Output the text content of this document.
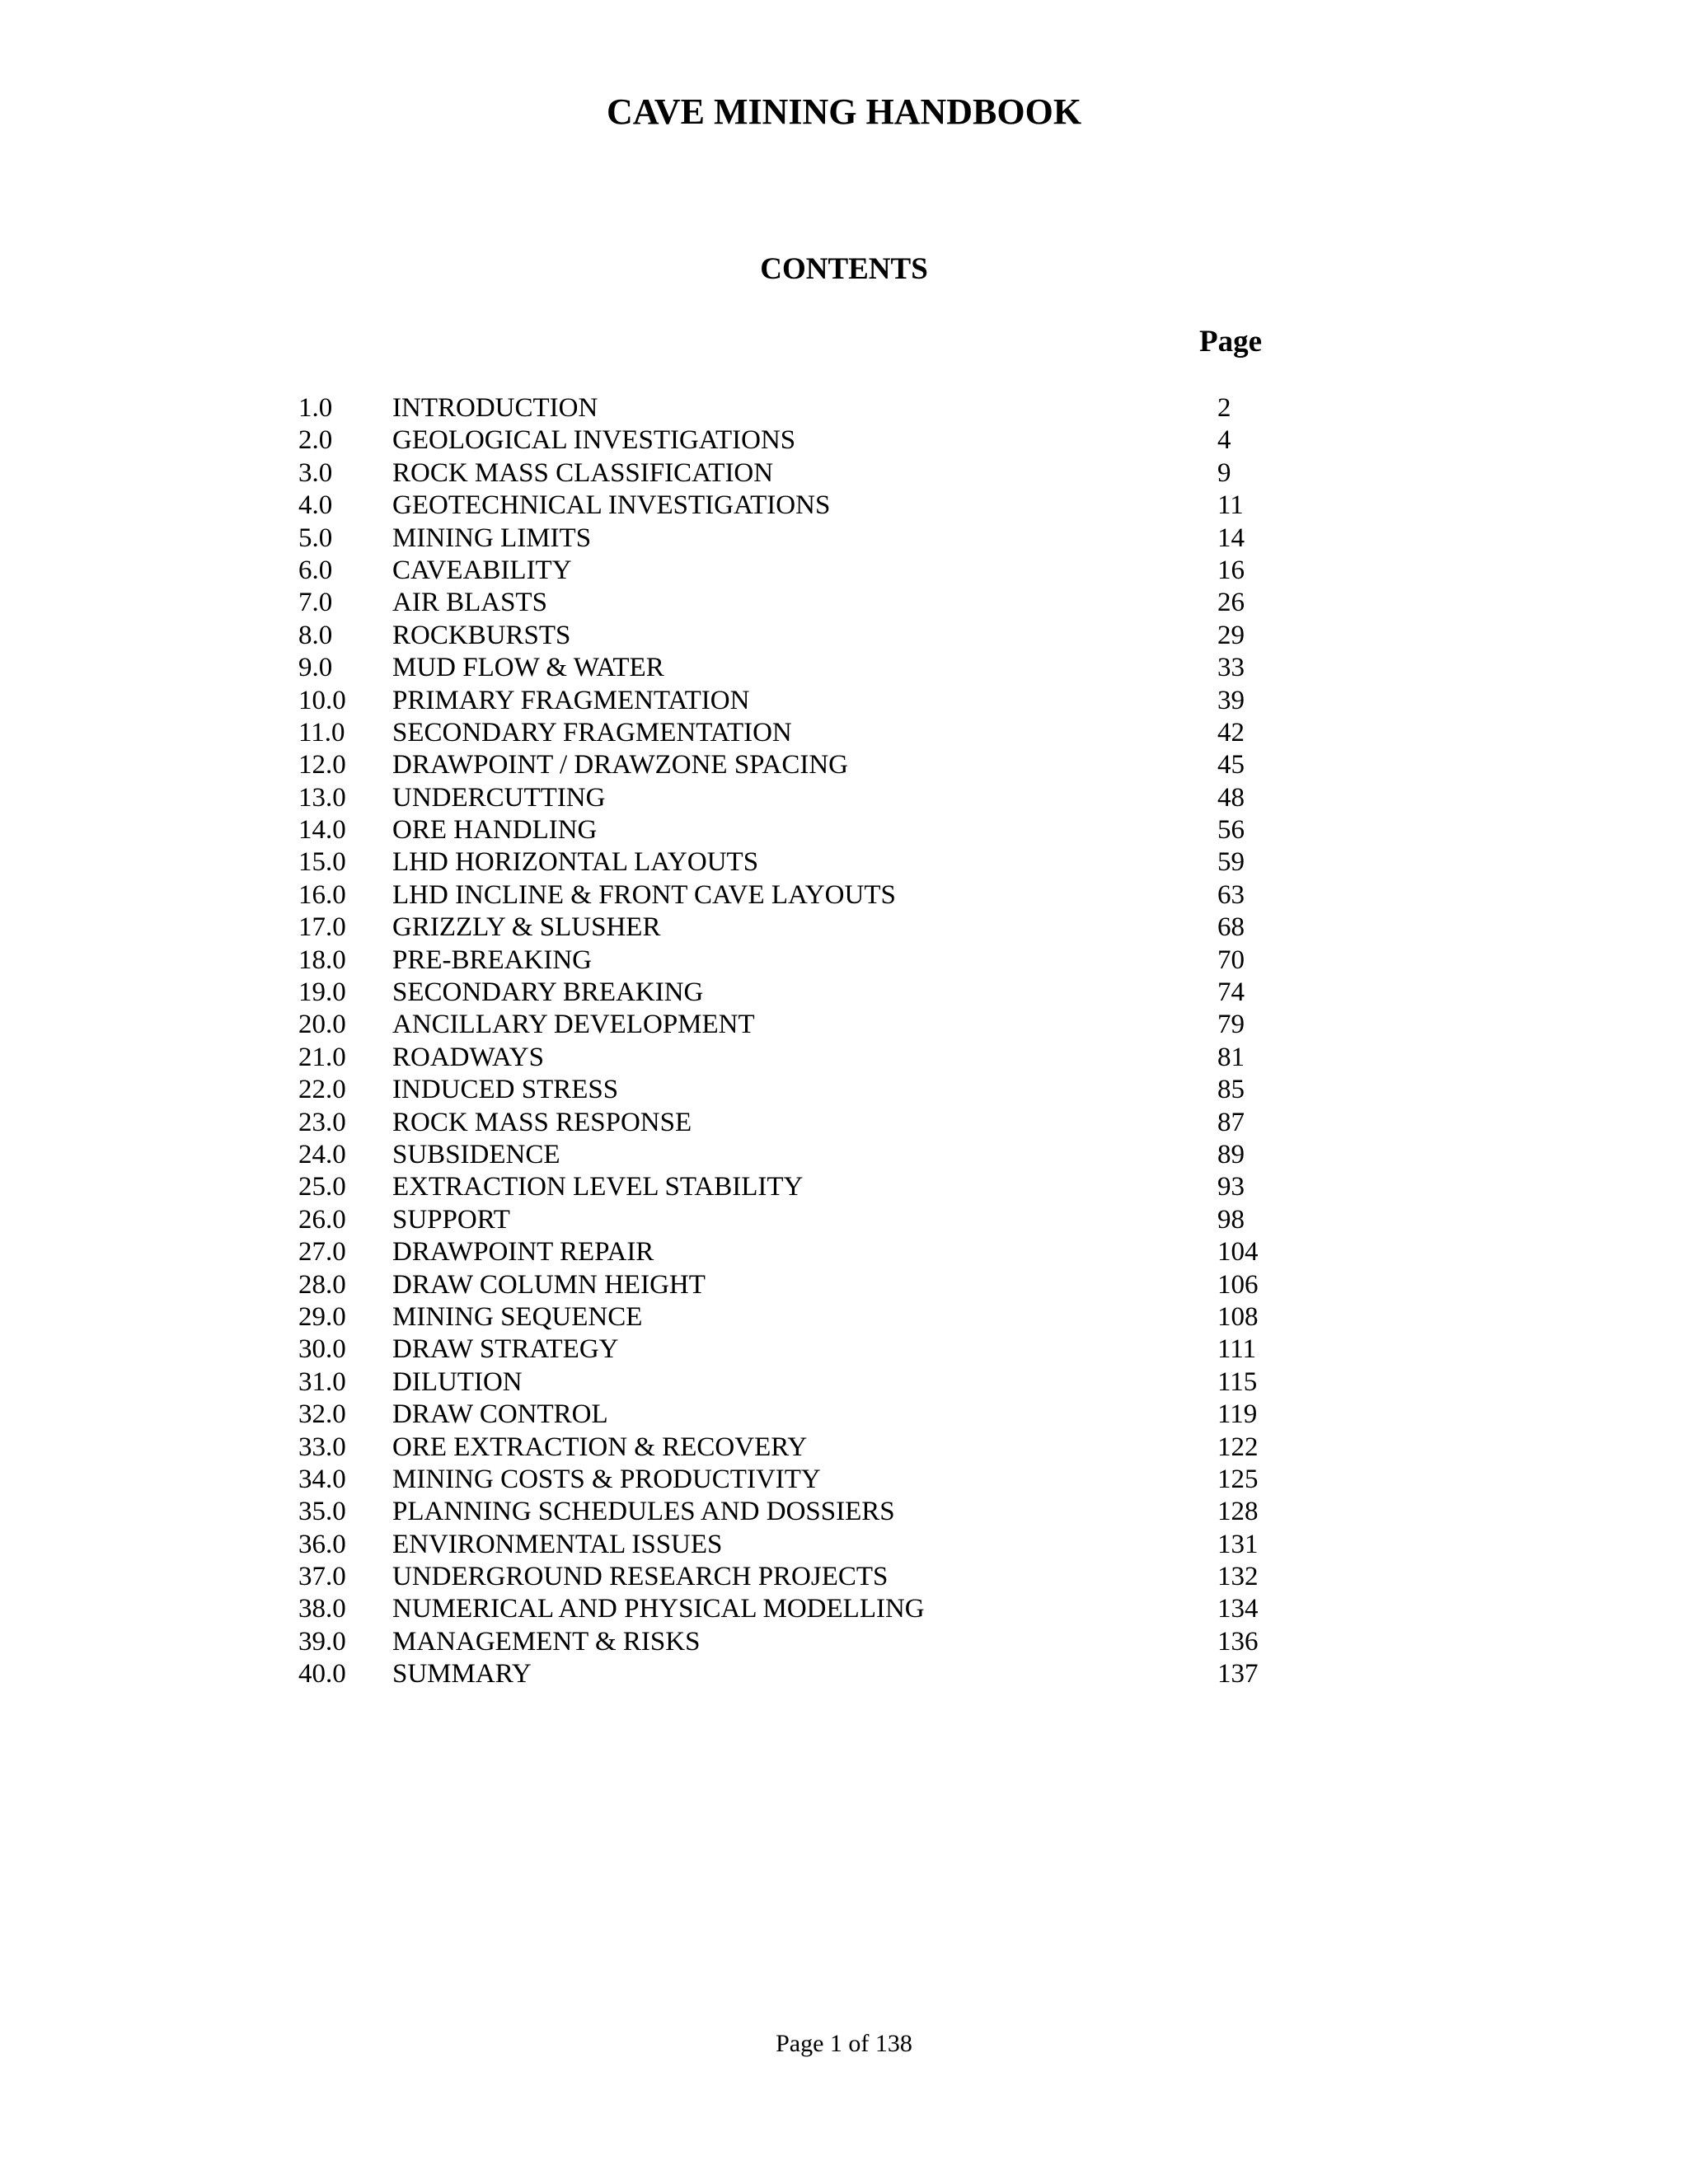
CAVE MINING HANDBOOK
CONTENTS
Page
1.0 INTRODUCTION	2
2.0 GEOLOGICAL INVESTIGATIONS	4
3.0 ROCK MASS CLASSIFICATION	9
4.0 GEOTECHNICAL INVESTIGATIONS	11
5.0 MINING LIMITS	14
6.0 CAVEABILITY	16
7.0 AIR BLASTS	26
8.0 ROCKBURSTS	29
9.0 MUD FLOW & WATER	33
10.0 PRIMARY FRAGMENTATION	39
11.0 SECONDARY FRAGMENTATION	42
12.0 DRAWPOINT / DRAWZONE SPACING	45
13.0 UNDERCUTTING	48
14.0 ORE HANDLING	56
15.0 LHD HORIZONTAL LAYOUTS	59
16.0 LHD INCLINE & FRONT CAVE LAYOUTS	63
17.0 GRIZZLY & SLUSHER	68
18.0 PRE-BREAKING	70
19.0 SECONDARY BREAKING	74
20.0 ANCILLARY DEVELOPMENT	79
21.0 ROADWAYS	81
22.0 INDUCED STRESS	85
23.0 ROCK MASS RESPONSE	87
24.0 SUBSIDENCE	89
25.0 EXTRACTION LEVEL STABILITY	93
26.0 SUPPORT	98
27.0 DRAWPOINT REPAIR	104
28.0 DRAW COLUMN HEIGHT	106
29.0 MINING SEQUENCE	108
30.0 DRAW STRATEGY	111
31.0 DILUTION	115
32.0 DRAW CONTROL	119
33.0 ORE EXTRACTION & RECOVERY	122
34.0 MINING COSTS & PRODUCTIVITY	125
35.0 PLANNING SCHEDULES AND DOSSIERS	128
36.0 ENVIRONMENTAL ISSUES	131
37.0 UNDERGROUND RESEARCH PROJECTS	132
38.0 NUMERICAL AND PHYSICAL MODELLING	134
39.0 MANAGEMENT & RISKS	136
40.0 SUMMARY	137
Page 1 of 138
